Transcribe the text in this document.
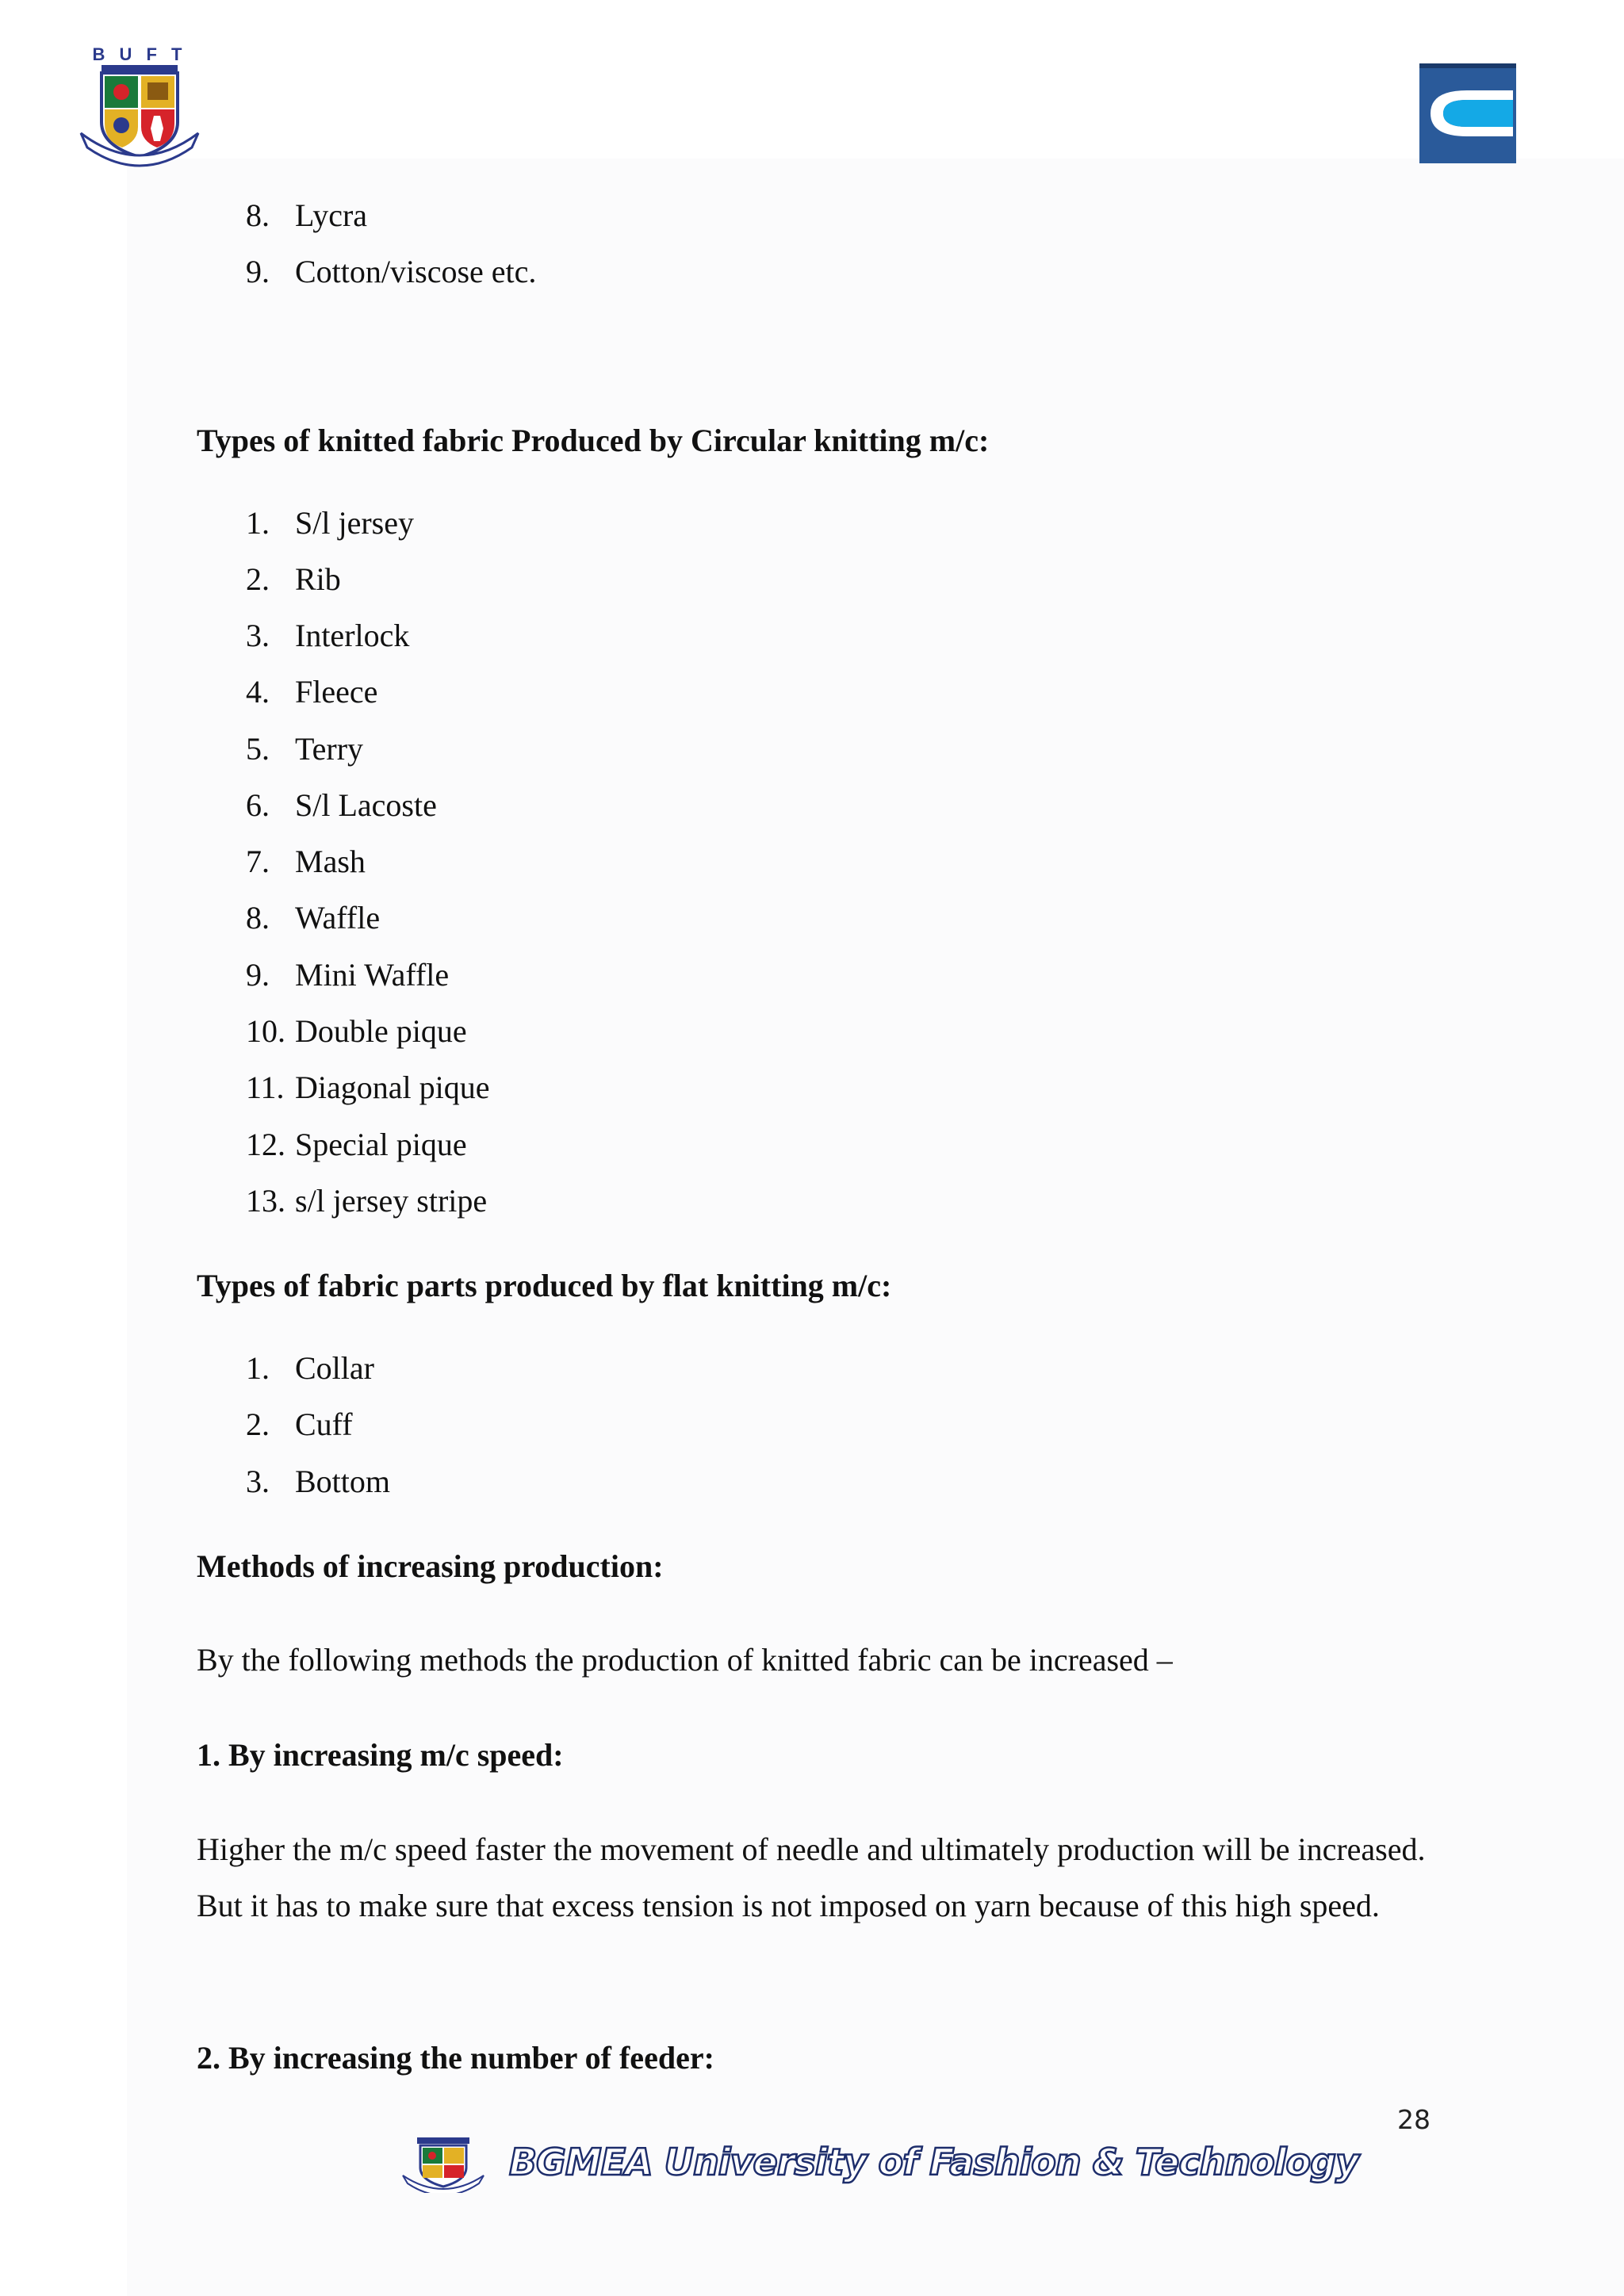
B U F T
8. Lycra
9. Cotton/viscose etc.
Types of knitted fabric Produced by Circular knitting m/c:
1. S/l jersey
2. Rib
3. Interlock
4. Fleece
5. Terry
6. S/l Lacoste
7. Mash
8. Waffle
9. Mini Waffle
10. Double pique
11. Diagonal pique
12. Special pique
13. s/l jersey stripe
Types of fabric parts produced by flat knitting m/c:
1. Collar
2. Cuff
3. Bottom
Methods of increasing production:
By the following methods the production of knitted fabric can be increased –
1. By increasing m/c speed:
Higher the m/c speed faster the movement of needle and ultimately production will be increased. But it has to make sure that excess tension is not imposed on yarn because of this high speed.
2. By increasing the number of feeder:
28
BGMEA University of Fashion & Technology
